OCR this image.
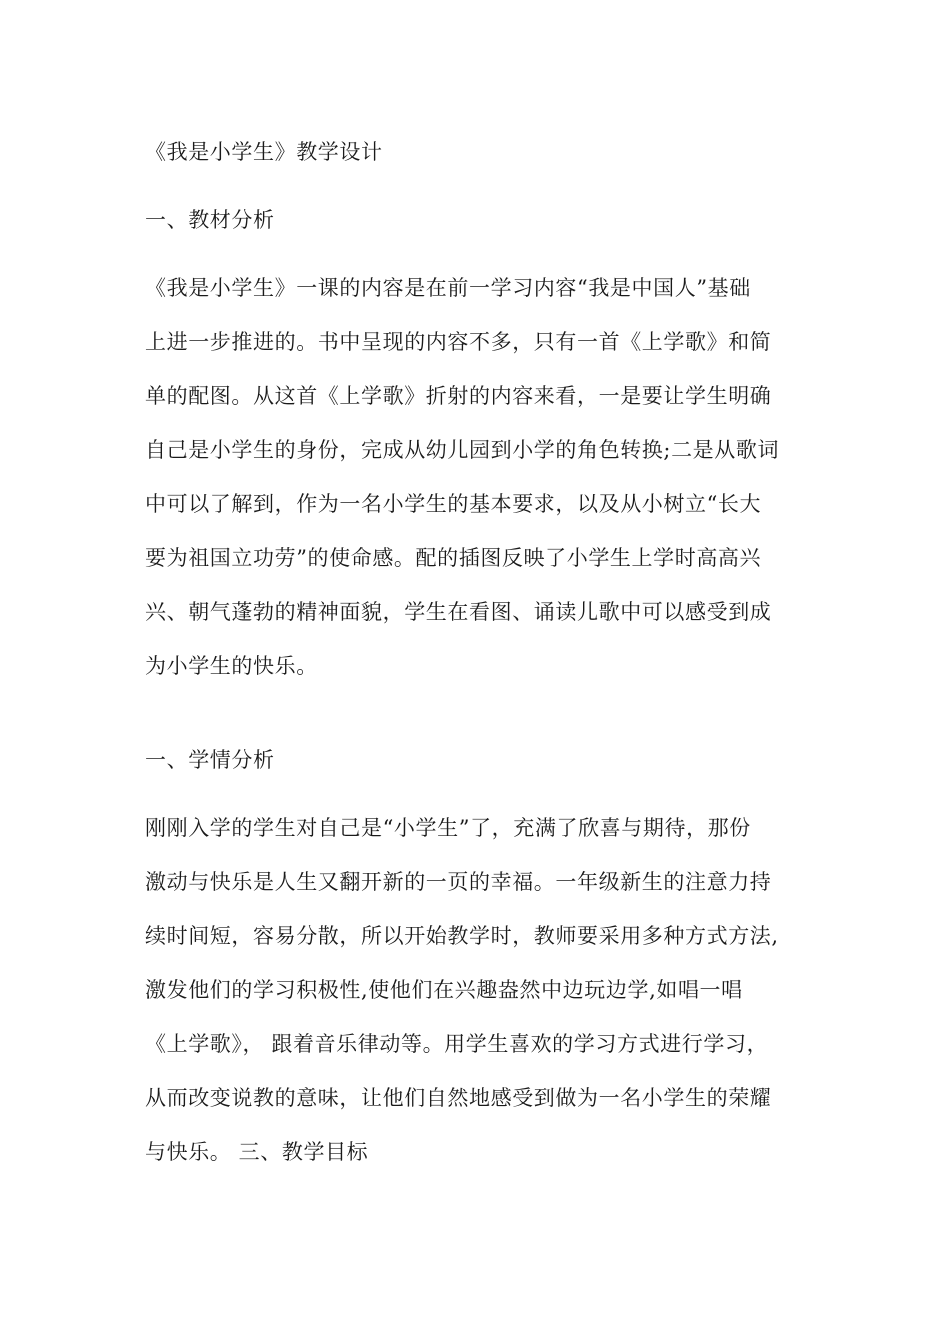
《我是小学生》教学设计
一、教材分析
《我是小学生》一课的内容是在前一学习内容“我是中国人”基础
上进一步推进的。书中呈现的内容不多，只有一首《上学歌》和简
单的配图。从这首《上学歌》折射的内容来看，一是要让学生明确
自己是小学生的身份，完成从幼儿园到小学的角色转换;二是从歌词
中可以了解到，作为一名小学生的基本要求，以及从小树立“长大
要为祖国立功劳”的使命感。配的插图反映了小学生上学时高高兴
兴、朝气蓬勃的精神面貌，学生在看图、诵读儿歌中可以感受到成
为小学生的快乐。
一、学情分析
刚刚入学的学生对自己是“小学生”了，充满了欣喜与期待，那份
激动与快乐是人生又翻开新的一页的幸福。一年级新生的注意力持
续时间短，容易分散，所以开始教学时，教师要采用多种方式方法,
激发他们的学习积极性,使他们在兴趣盎然中边玩边学,如唱一唱
《上学歌》， 跟着音乐律动等。用学生喜欢的学习方式进行学习，
从而改变说教的意味，让他们自然地感受到做为一名小学生的荣耀
与快乐。 三、教学目标
